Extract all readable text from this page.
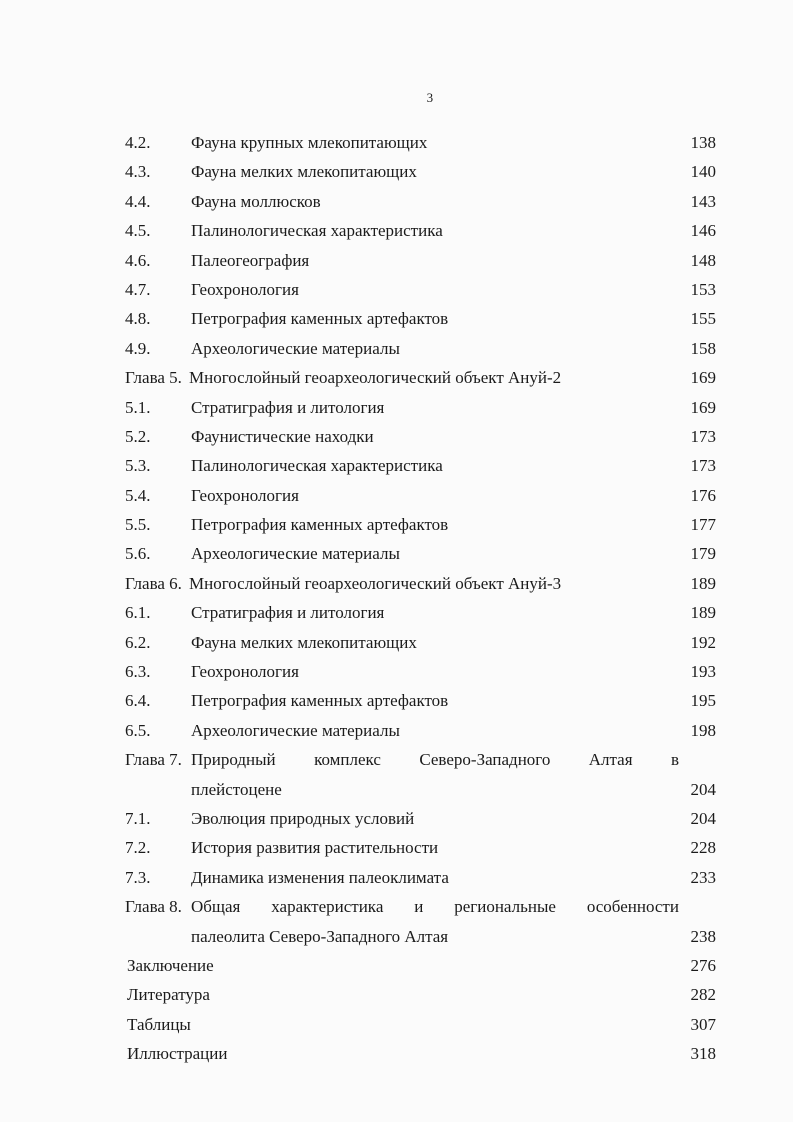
3
4.2. Фауна крупных млекопитающих	138
4.3. Фауна мелких млекопитающих	140
4.4. Фауна моллюсков	143
4.5. Палинологическая характеристика	146
4.6. Палеогеография	148
4.7. Геохронология	153
4.8. Петрография каменных артефактов	155
4.9. Археологические материалы	158
Глава 5. Многослойный геоархеологический объект Ануй-2	169
5.1. Стратиграфия и литология	169
5.2. Фаунистические находки	173
5.3. Палинологическая характеристика	173
5.4. Геохронология	176
5.5. Петрография каменных артефактов	177
5.6. Археологические материалы	179
Глава 6. Многослойный геоархеологический объект Ануй-3	189
6.1. Стратиграфия и литология	189
6.2. Фауна мелких млекопитающих	192
6.3. Геохронология	193
6.4. Петрография каменных артефактов	195
6.5. Археологические материалы	198
Глава 7. Природный комплекс Северо-Западного Алтая в
плейстоцене	204
7.1. Эволюция природных условий	204
7.2. История развития растительности	228
7.3. Динамика изменения палеоклимата	233
Глава 8. Общая характеристика и региональные особенности
палеолита Северо-Западного Алтая	238
Заключение	276
Литература	282
Таблицы	307
Иллюстрации	318
